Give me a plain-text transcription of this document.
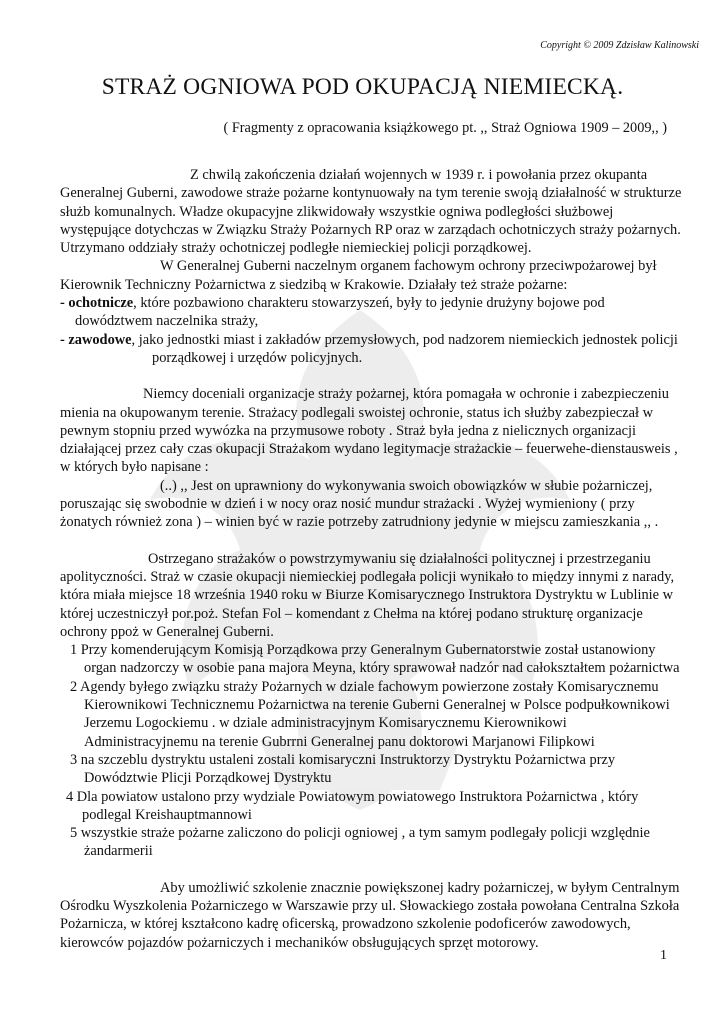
Copyright © 2009 Zdzisław Kalinowski
STRAŻ OGNIOWA POD OKUPACJĄ NIEMIECKĄ.

( Fragmenty z opracowania książkowego pt. ,, Straż Ogniowa 1909 – 2009,, )

Z chwilą zakończenia działań wojennych w 1939 r. i powołania przez okupanta Generalnej Guberni, zawodowe straże pożarne kontynuowały na tym terenie swoją działalność w strukturze służb komunalnych. Władze okupacyjne zlikwidowały wszystkie ogniwa podległości służbowej występujące dotychczas w Związku Straży Pożarnych RP oraz w zarządach ochotniczych straży pożarnych. Utrzymano oddziały straży ochotniczej podległe niemieckiej policji porządkowej.

W Generalnej Guberni naczelnym organem fachowym ochrony przeciwpożarowej był Kierownik Techniczny Pożarnictwa z siedzibą w Krakowie. Działały też straże pożarne:

- ochotnicze, które pozbawiono charakteru stowarzyszeń, były to jedynie drużyny bojowe pod dowództwem naczelnika straży,

- zawodowe, jako jednostki miast i zakładów przemysłowych, pod nadzorem niemieckich jednostek policji porządkowej i urzędów policyjnych.

Niemcy doceniali organizacje straży pożarnej, która pomagała w ochronie i zabezpieczeniu mienia na okupowanym terenie. Strażacy podlegali swoistej ochronie, status ich służby zabezpieczał w pewnym stopniu przed wywózka na przymusowe roboty . Straż była jedna z nielicznych organizacji działającej przez cały czas okupacji Strażakom wydano legitymacje strażackie – feuerwehe-dienstausweis , w których było napisane :

(..) ,, Jest on uprawniony do wykonywania swoich obowiązków w słubie pożarniczej, poruszając się swobodnie w dzień i w nocy oraz nosić mundur strażacki . Wyżej wymieniony ( przy żonatych również zona ) – winien być w razie potrzeby zatrudniony jedynie w miejscu zamieszkania ,, .

Ostrzegano strażaków o powstrzymywaniu się działalności politycznej i przestrzeganiu apolityczności. Straż w czasie okupacji niemieckiej podlegała policji wynikało to między innymi z narady, która miała miejsce 18 września 1940 roku w Biurze Komisarycznego Instruktora Dystryktu w Lublinie w której uczestniczył por.poż. Stefan Fol – komendant z Chełma na której podano strukturę organizacje ochrony ppoż w Generalnej Guberni.

1 Przy komenderującym Komisją Porządkowa przy Generalnym Gubernatorstwie został ustanowiony organ nadzorczy w osobie pana majora Meyna, który sprawował nadzór nad całokształtem pożarnictwa

2 Agendy byłego związku straży Pożarnych w dziale fachowym powierzone zostały Komisarycznemu Kierownikowi Technicznemu Pożarnictwa na terenie Guberni Generalnej w Polsce podpułkownikowi Jerzemu Logockiemu . w dziale administracyjnym Komisarycznemu Kierownikowi Administracyjnemu na terenie Gubrrni Generalnej panu doktorowi Marjanowi Filipkowi

3 na szczeblu dystryktu ustaleni zostali komisaryczni Instruktorzy Dystryktu Pożarnictwa przy Dowództwie Plicji Porządkowej Dystryktu

4 Dla powiatow ustalono przy wydziale Powiatowym powiatowego Instruktora Pożarnictwa , który podlegal Kreishauptmannowi

5 wszystkie straże pożarne zaliczono do policji ogniowej , a tym samym podlegały policji względnie żandarmerii

Aby umożliwić szkolenie znacznie powiększonej kadry pożarniczej, w byłym Centralnym Ośrodku Wyszkolenia Pożarniczego w Warszawie przy ul. Słowackiego została powołana Centralna Szkoła Pożarnicza, w której kształcono kadrę oficerską, prowadzono szkolenie podoficerów zawodowych, kierowców pojazdów pożarniczych i mechaników obsługujących sprzęt motorowy.

1
